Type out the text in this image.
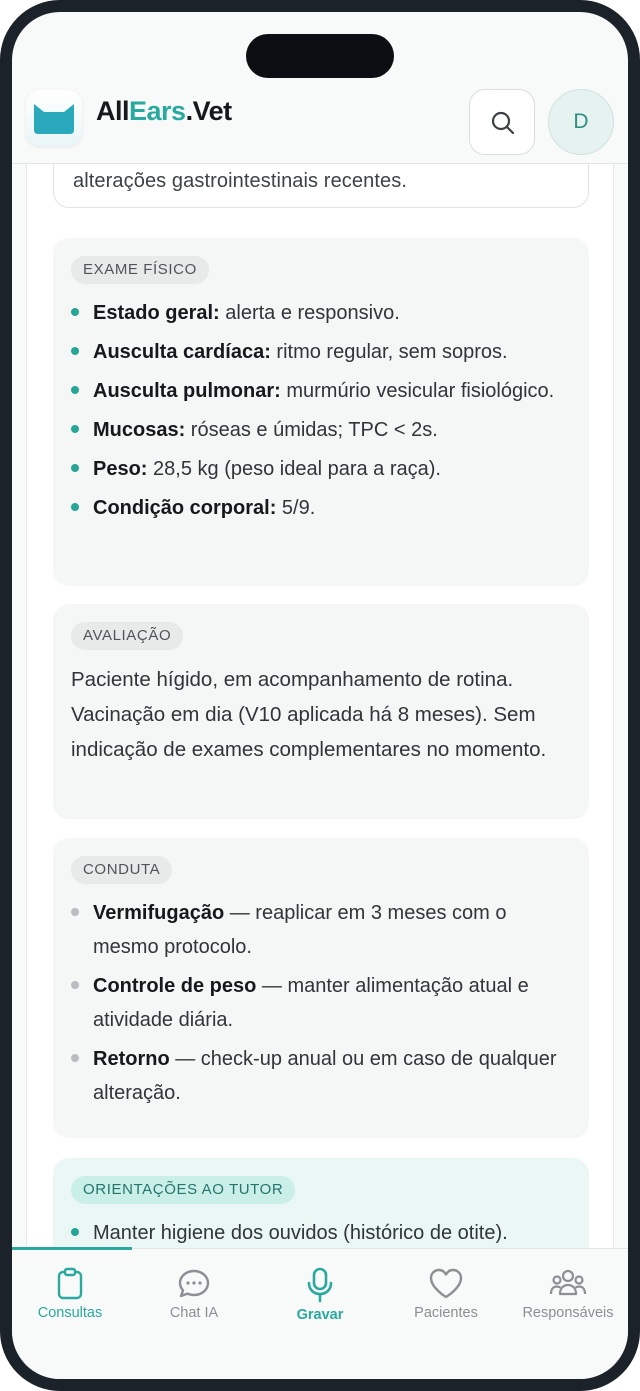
AllEars.Vet	D

alterações gastrointestinais recentes.

EXAME FÍSICO
Estado geral: alerta e responsivo.
Ausculta cardíaca: ritmo regular, sem sopros.
Ausculta pulmonar: murmúrio vesicular fisiológico.
Mucosas: róseas e úmidas; TPC < 2s.
Peso: 28,5 kg (peso ideal para a raça).
Condição corporal: 5/9.
AVALIAÇÃO

Paciente hígido, em acompanhamento de rotina. Vacinação em dia (V10 aplicada há 8 meses). Sem indicação de exames complementares no momento.

CONDUTA
Vermifugação — reaplicar em 3 meses com o mesmo protocolo.
Controle de peso — manter alimentação atual e atividade diária.
Retorno — check-up anual ou em caso de qualquer alteração.
ORIENTAÇÕES AO TUTOR
Manter higiene dos ouvidos (histórico de otite).
Consultas	Chat IA	Gravar	Pacientes	Responsáveis
